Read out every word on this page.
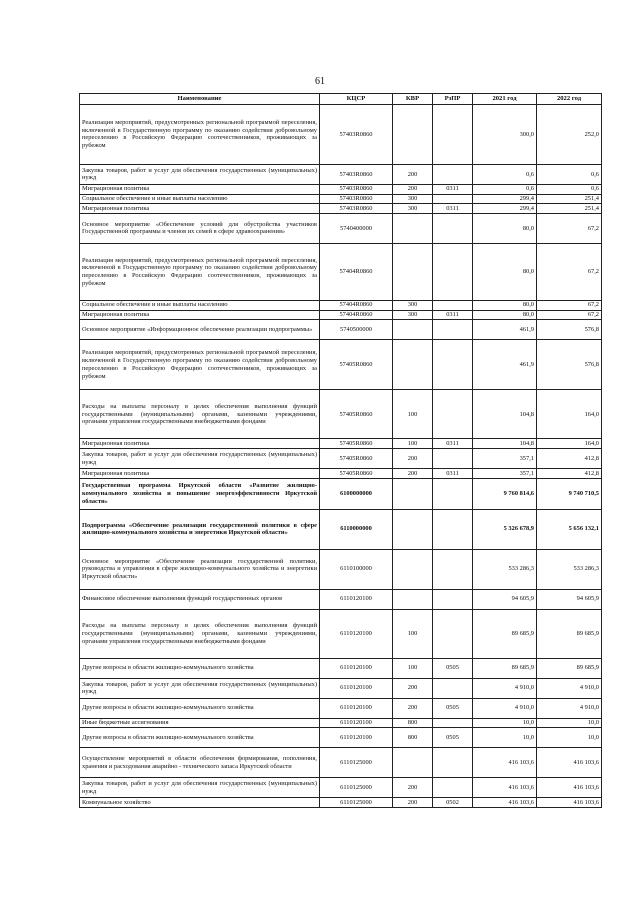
61
Наименование	КЦСР	КВР	РзПР	2021 год	2022 год
Реализация мероприятий, предусмотренных региональной программой переселения, включенной в Государственную программу по оказанию содействия добровольному переселению в Российскую Федерацию соотечественников, проживающих за рубежом	57403R0860			300,0	252,0
Закупка товаров, работ и услуг для обеспечения государственных (муниципальных) нужд	57403R0860	200		0,6	0,6
Миграционная политика	57403R0860	200	0311	0,6	0,6
Социальное обеспечение и иные выплаты населению	57403R0860	300		299,4	251,4
Миграционная политика	57403R0860	300	0311	299,4	251,4
Основное мероприятие «Обеспечение условий для обустройства участников Государственной программы и членов их семей в сфере здравоохранения»	5740400000			80,0	67,2
Реализация мероприятий, предусмотренных региональной программой переселения, включенной в Государственную программу по оказанию содействия добровольному переселению в Российскую Федерацию соотечественников, проживающих за рубежом	57404R0860			80,0	67,2
Социальное обеспечение и иные выплаты населению	57404R0860	300		80,0	67,2
Миграционная политика	57404R0860	300	0311	80,0	67,2
Основное мероприятие «Информационное обеспечение реализации подпрограммы»	5740500000			461,9	576,8
Реализация мероприятий, предусмотренных региональной программой переселения, включенной в Государственную программу по оказанию содействия добровольному переселению в Российскую Федерацию соотечественников, проживающих за рубежом	57405R0860			461,9	576,8
Расходы на выплаты персоналу в целях обеспечения выполнения функций государственными (муниципальными) органами, казенными учреждениями, органами управления государственными внебюджетными фондами	57405R0860	100		104,8	164,0
Миграционная политика	57405R0860	100	0311	104,8	164,0
Закупка товаров, работ и услуг для обеспечения государственных (муниципальных) нужд	57405R0860	200		357,1	412,8
Миграционная политика	57405R0860	200	0311	357,1	412,8
Государственная программа Иркутской области «Развитие жилищно-коммунального хозяйства и повышение энергоэффективности Иркутской области»	6100000000			9 760 814,6	9 740 710,5
Подпрограмма «Обеспечение реализации государственной политики в сфере жилищно-коммунального хозяйства и энергетики Иркутской области»	6110000000			5 326 678,9	5 656 132,1
Основное мероприятие «Обеспечение реализации государственной политики, руководства и управления в сфере жилищно-коммунального хозяйства и энергетики Иркутской области»	6110100000			533 286,3	533 286,3
Финансовое обеспечение выполнения функций государственных органов	6110120100			94 605,9	94 605,9
Расходы на выплаты персоналу в целях обеспечения выполнения функций государственными (муниципальными) органами, казенными учреждениями, органами управления государственными внебюджетными фондами	6110120100	100		89 685,9	89 685,9
Другие вопросы в области жилищно-коммунального хозяйства	6110120100	100	0505	89 685,9	89 685,9
Закупка товаров, работ и услуг для обеспечения государственных (муниципальных) нужд	6110120100	200		4 910,0	4 910,0
Другие вопросы в области жилищно-коммунального хозяйства	6110120100	200	0505	4 910,0	4 910,0
Иные бюджетные ассигнования	6110120100	800		10,0	10,0
Другие вопросы в области жилищно-коммунального хозяйства	6110120100	800	0505	10,0	10,0
Осуществление мероприятий в области обеспечения формирования, пополнения, хранения и расходования аварийно - технического запаса Иркутской области	6110125000			416 103,6	416 103,6
Закупка товаров, работ и услуг для обеспечения государственных (муниципальных) нужд	6110125000	200		416 103,6	416 103,6
Коммунальное хозяйство	6110125000	200	0502	416 103,6	416 103,6
